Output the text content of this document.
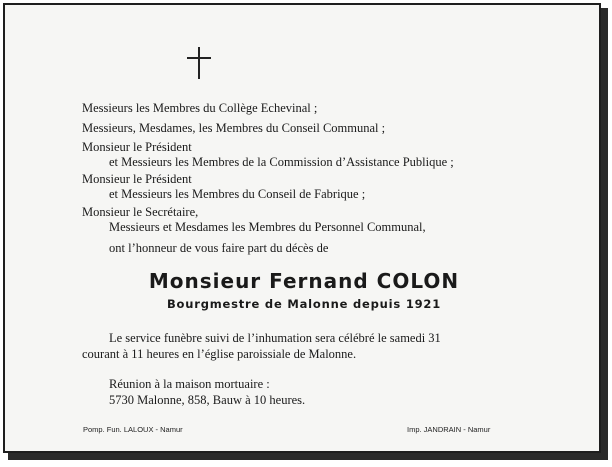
Messieurs les Membres du Collège Echevinal ;
Messieurs, Mesdames, les Membres du Conseil Communal ;
Monsieur le Président
et Messieurs les Membres de la Commission d’Assistance Publique ;
Monsieur le Président
et Messieurs les Membres du Conseil de Fabrique ;
Monsieur le Secrétaire,
Messieurs et Mesdames les Membres du Personnel Communal,
ont l’honneur de vous faire part du décès de
Monsieur Fernand COLON
Bourgmestre de Malonne depuis 1921
Le service funèbre suivi de l’inhumation sera célébré le samedi 31
courant à 11 heures en l’église paroissiale de Malonne.
Réunion à la maison mortuaire :
5730 Malonne, 858, Bauw à 10 heures.
Pomp. Fun. LALOUX - Namur	Imp. JANDRAIN - Namur
